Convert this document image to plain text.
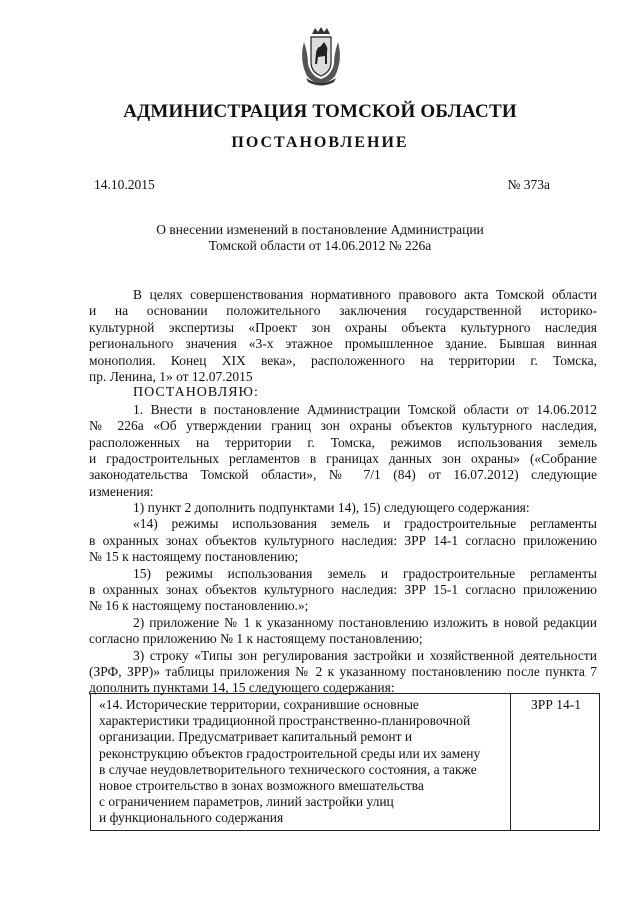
АДМИНИСТРАЦИЯ ТОМСКОЙ ОБЛАСТИ
ПОСТАНОВЛЕНИЕ
14.10.2015	№ 373а
О внесении изменений в постановление Администрации
Томской области от 14.06.2012 № 226а
В целях совершенствования нормативного правового акта Томской области
и на основании положительного заключения государственной историко-
культурной экспертизы «Проект зон охраны объекта культурного наследия
регионального значения «3-х этажное промышленное здание. Бывшая винная
монополия. Конец XIX века», расположенного на территории г. Томска,
пр. Ленина, 1» от 12.07.2015
ПОСТАНОВЛЯЮ:
1. Внести в постановление Администрации Томской области от 14.06.2012
№ 226а «Об утверждении границ зон охраны объектов культурного наследия,
расположенных на территории г. Томска, режимов использования земель
и градостроительных регламентов в границах данных зон охраны» («Собрание
законодательства Томской области», № 7/1 (84) от 16.07.2012) следующие
изменения:
1) пункт 2 дополнить подпунктами 14), 15) следующего содержания:
«14) режимы использования земель и градостроительные регламенты
в охранных зонах объектов культурного наследия: ЗРР 14-1 согласно приложению
№ 15 к настоящему постановлению;
15) режимы использования земель и градостроительные регламенты
в охранных зонах объектов культурного наследия: ЗРР 15-1 согласно приложению
№ 16 к настоящему постановлению.»;
2) приложение № 1 к указанному постановлению изложить в новой редакции
согласно приложению № 1 к настоящему постановлению;
3) строку «Типы зон регулирования застройки и хозяйственной деятельности
(ЗРФ, ЗРР)» таблицы приложения № 2 к указанному постановлению после пункта 7
дополнить пунктами 14, 15 следующего содержания:
«14. Исторические территории, сохранившие основные
характеристики традиционной пространственно-планировочной
организации. Предусматривает капитальный ремонт и
реконструкцию объектов градостроительной среды или их замену
в случае неудовлетворительного технического состояния, а также
новое строительство в зонах возможного вмешательства
с ограничением параметров, линий застройки улиц
и функционального содержания
	ЗРР 14-1
